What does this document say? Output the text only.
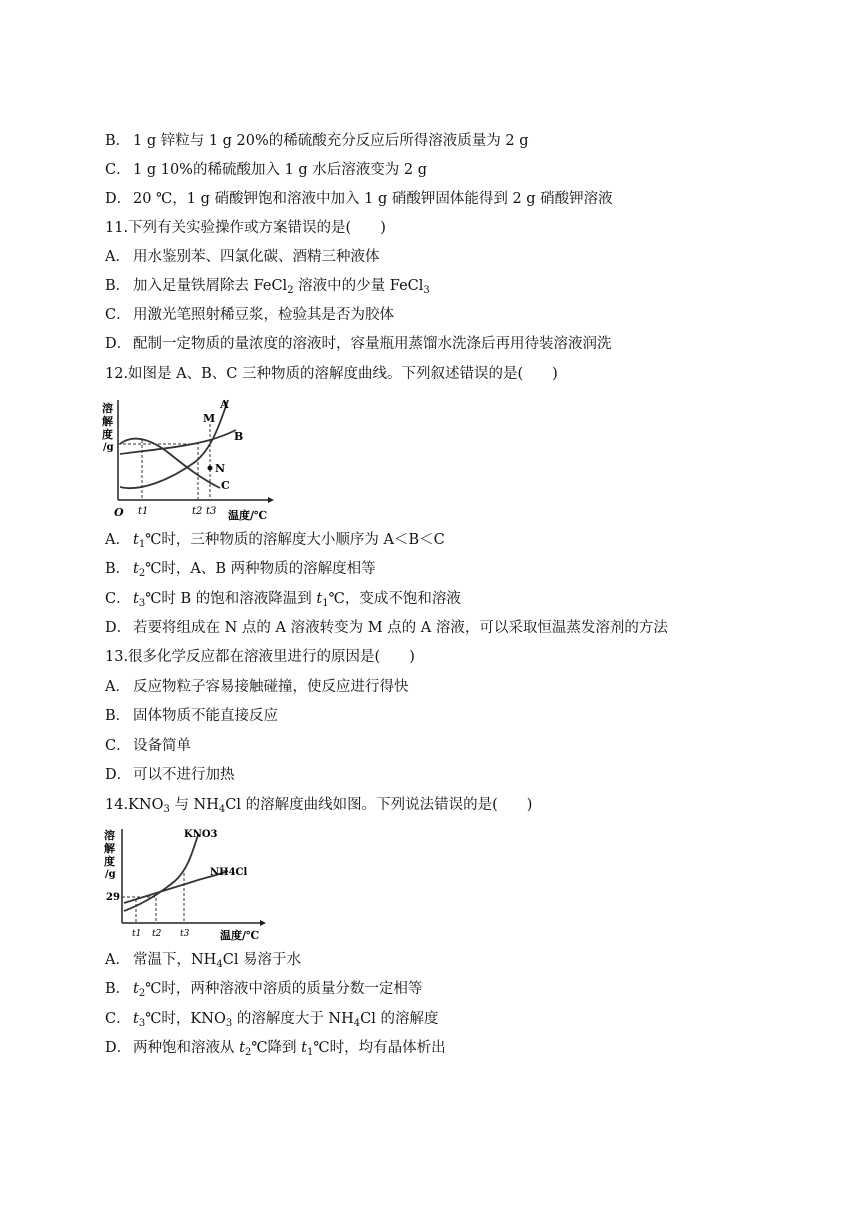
B． 1 g 锌粒与 1 g 20%的稀硫酸充分反应后所得溶液质量为 2 g
C． 1 g 10%的稀硫酸加入 1 g 水后溶液变为 2 g
D． 20 ℃，1 g 硝酸钾饱和溶液中加入 1 g 硝酸钾固体能得到 2 g 硝酸钾溶液
11.下列有关实验操作或方案错误的是(　　)
A． 用水鉴别苯、四氯化碳、酒精三种液体
B． 加入足量铁屑除去 FeCl$_2$ 溶液中的少量 FeCl$_3$
C． 用激光笔照射稀豆浆，检验其是否为胶体
D． 配制一定物质的量浓度的溶液时，容量瓶用蒸馏水洗涤后再用待装溶液润洗
12.如图是 A、B、C 三种物质的溶解度曲线。下列叙述错误的是(　　)
溶
解
度
/g
M
N
A
B
C
O t1	t2 t3 温度/℃
A． $t_1℃$时，三种物质的溶解度大小顺序为 A＜B＜C
B． $t_2℃$时，A、B 两种物质的溶解度相等
C． $t_3℃$时 B 的饱和溶液降温到 $t_1℃$，变成不饱和溶液
D． 若要将组成在 N 点的 A 溶液转变为 M 点的 A 溶液，可以采取恒温蒸发溶剂的方法
13.很多化学反应都在溶液里进行的原因是(　　)
A． 反应物粒子容易接触碰撞，使反应进行得快
B． 固体物质不能直接反应
C． 设备简单
D． 可以不进行加热
$14.KNO_3$ 与 $NH_4Cl$ 的溶解度曲线如图。下列说法错误的是(　　)
溶
解
度
/g
29
KNO3
NH4Cl
t1 t2 t3	温度/℃
A． 常温下，$NH_4Cl$ 易溶于水
B． $t_2℃$时，两种溶液中溶质的质量分数一定相等
C． $t_3℃$时，$KNO_3$ 的溶解度大于 $NH_4Cl$ 的溶解度
D． 两种饱和溶液从 $t_2℃$降到 $t_1℃$时，均有晶体析出
